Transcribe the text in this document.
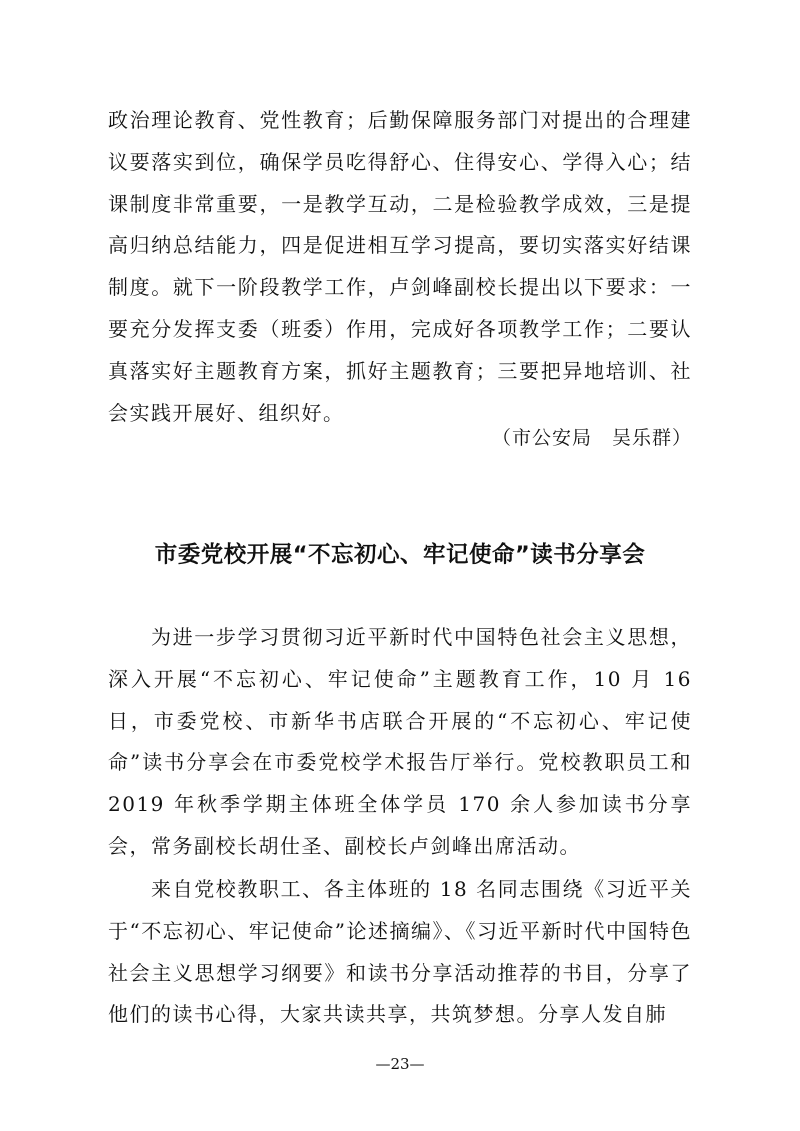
政治理论教育、党性教育；后勤保障服务部门对提出的合理建议要落实到位，确保学员吃得舒心、住得安心、学得入心；结课制度非常重要，一是教学互动，二是检验教学成效，三是提高归纳总结能力，四是促进相互学习提高，要切实落实好结课制度。就下一阶段教学工作，卢剑峰副校长提出以下要求：一要充分发挥支委（班委）作用，完成好各项教学工作；二要认真落实好主题教育方案，抓好主题教育；三要把异地培训、社会实践开展好、组织好。

（市公安局　吴乐群）

市委党校开展“不忘初心、牢记使命”读书分享会

为进一步学习贯彻习近平新时代中国特色社会主义思想，深入开展“不忘初心、牢记使命”主题教育工作，10 月 16 日，市委党校、市新华书店联合开展的“不忘初心、牢记使命”读书分享会在市委党校学术报告厅举行。党校教职员工和 2019 年秋季学期主体班全体学员 170 余人参加读书分享会，常务副校长胡仕圣、副校长卢剑峰出席活动。

来自党校教职工、各主体班的 18 名同志围绕《习近平关于“不忘初心、牢记使命”论述摘编》、《习近平新时代中国特色社会主义思想学习纲要》和读书分享活动推荐的书目，分享了他们的读书心得，大家共读共享，共筑梦想。分享人发自肺

—23—
